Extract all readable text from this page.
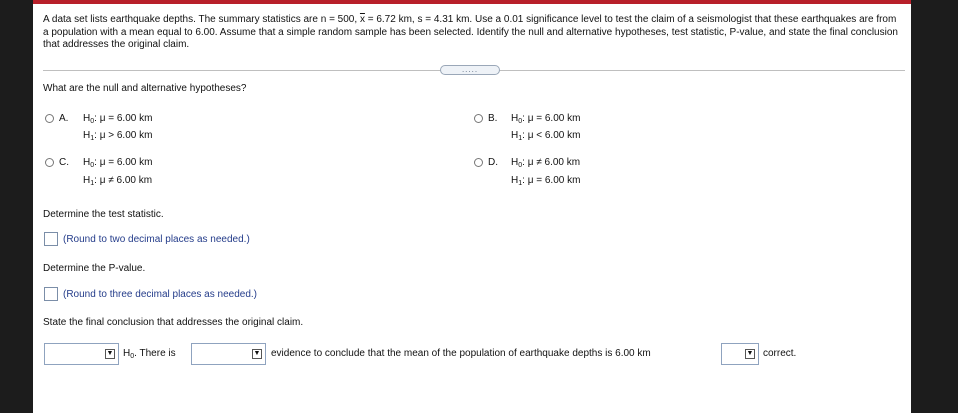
A data set lists earthquake depths. The summary statistics are n = 500, $\overline{x} = 6.72$ km, s = 4.31 km. Use a 0.01 significance level to test the claim of a seismologist that these earthquakes are from a population with a mean equal to 6.00. Assume that a simple random sample has been selected. Identify the null and alternative hypotheses, test statistic, P-value, and state the final conclusion that addresses the original claim.
.....
What are the null and alternative hypotheses?
A. $H_0$: μ = 6.00 km
$H_1$: μ > 6.00 km
B. $H_0$: μ = 6.00 km
$H_1$: μ < 6.00 km
C. $H_0$: μ = 6.00 km
$H_1$: μ ≠ 6.00 km
D. $H_0$: μ ≠ 6.00 km
$H_1$: μ = 6.00 km
Determine the test statistic.
(Round to two decimal places as needed.)
Determine the P-value.
(Round to three decimal places as needed.)
State the final conclusion that addresses the original claim.
▼ $H_0$. There is	▼ evidence to conclude that the mean of the population of earthquake depths is 6.00 km	▼ correct.
